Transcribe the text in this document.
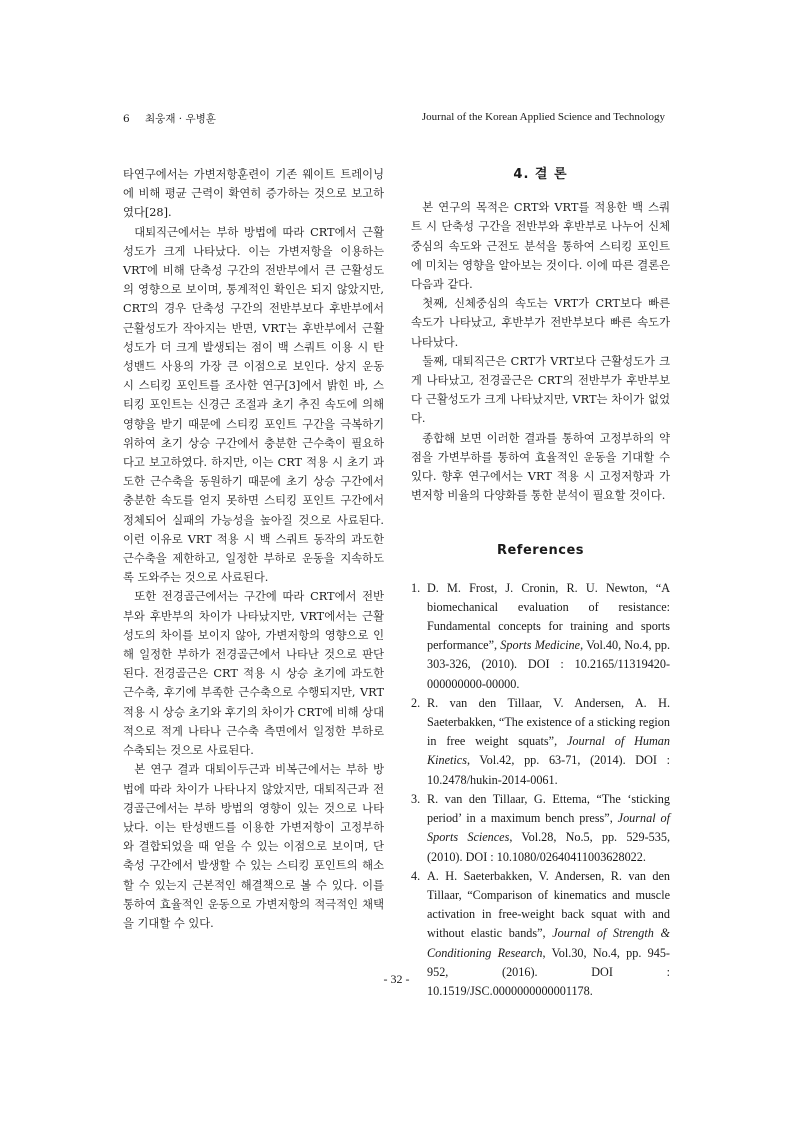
6 최웅재 · 우병훈	Journal of the Korean Applied Science and Technology

타연구에서는 가변저항훈련이 기존 웨이트 트레이닝에 비해 평균 근력이 확연히 증가하는 것으로 보고하였다[28].

대퇴직근에서는 부하 방법에 따라 CRT에서 근활성도가 크게 나타났다. 이는 가변저항을 이용하는 VRT에 비해 단축성 구간의 전반부에서 큰 근활성도의 영향으로 보이며, 통계적인 확인은 되지 않았지만, CRT의 경우 단축성 구간의 전반부보다 후반부에서 근활성도가 작아지는 반면, VRT는 후반부에서 근활성도가 더 크게 발생되는 점이 백 스쿼트 이용 시 탄성밴드 사용의 가장 큰 이점으로 보인다. 상지 운동 시 스티킹 포인트를 조사한 연구[3]에서 밝힌 바, 스티킹 포인트는 신경근 조절과 초기 추진 속도에 의해 영향을 받기 때문에 스티킹 포인트 구간을 극복하기 위하여 초기 상승 구간에서 충분한 근수축이 필요하다고 보고하였다. 하지만, 이는 CRT 적용 시 초기 과도한 근수축을 동원하기 때문에 초기 상승 구간에서 충분한 속도를 얻지 못하면 스티킹 포인트 구간에서 정체되어 실패의 가능성을 높아질 것으로 사료된다. 이런 이유로 VRT 적용 시 백 스쿼트 동작의 과도한 근수축을 제한하고, 일정한 부하로 운동을 지속하도록 도와주는 것으로 사료된다.

또한 전경골근에서는 구간에 따라 CRT에서 전반부와 후반부의 차이가 나타났지만, VRT에서는 근활성도의 차이를 보이지 않아, 가변저항의 영향으로 인해 일정한 부하가 전경골근에서 나타난 것으로 판단된다. 전경골근은 CRT 적용 시 상승 초기에 과도한 근수축, 후기에 부족한 근수축으로 수행되지만, VRT 적용 시 상승 초기와 후기의 차이가 CRT에 비해 상대적으로 적게 나타나 근수축 측면에서 일정한 부하로 수축되는 것으로 사료된다.

본 연구 결과 대퇴이두근과 비복근에서는 부하 방법에 따라 차이가 나타나지 않았지만, 대퇴직근과 전경골근에서는 부하 방법의 영향이 있는 것으로 나타났다. 이는 탄성밴드를 이용한 가변저항이 고정부하와 결합되었을 때 얻을 수 있는 이점으로 보이며, 단축성 구간에서 발생할 수 있는 스티킹 포인트의 해소할 수 있는지 근본적인 해결책으로 볼 수 있다. 이를 통하여 효율적인 운동으로 가변저항의 적극적인 채택을 기대할 수 있다.

4. 결 론

본 연구의 목적은 CRT와 VRT를 적용한 백 스쿼트 시 단축성 구간을 전반부와 후반부로 나누어 신체중심의 속도와 근전도 분석을 통하여 스티킹 포인트에 미치는 영향을 알아보는 것이다. 이에 따른 결론은 다음과 같다.

첫째, 신체중심의 속도는 VRT가 CRT보다 빠른 속도가 나타났고, 후반부가 전반부보다 빠른 속도가 나타났다.

둘째, 대퇴직근은 CRT가 VRT보다 근활성도가 크게 나타났고, 전경골근은 CRT의 전반부가 후반부보다 근활성도가 크게 나타났지만, VRT는 차이가 없었다.

종합해 보면 이러한 결과를 통하여 고정부하의 약점을 가변부하를 통하여 효율적인 운동을 기대할 수 있다. 향후 연구에서는 VRT 적용 시 고정저항과 가변저항 비율의 다양화를 통한 분석이 필요할 것이다.

References
1. D. M. Frost, J. Cronin, R. U. Newton, “A biomechanical evaluation of resistance: Fundamental concepts for training and sports performance”, Sports Medicine, Vol.40, No.4, pp. 303-326, (2010). DOI : 10.2165/11319420-000000000-00000.
2. R. van den Tillaar, V. Andersen, A. H. Saeterbakken, “The existence of a sticking region in free weight squats”, Journal of Human Kinetics, Vol.42, pp. 63-71, (2014). DOI : 10.2478/hukin-2014-0061.
3. R. van den Tillaar, G. Ettema, “The ‘sticking period’ in a maximum bench press”, Journal of Sports Sciences, Vol.28, No.5, pp. 529-535, (2010). DOI : 10.1080/02640411003628022.
4. A. H. Saeterbakken, V. Andersen, R. van den Tillaar, “Comparison of kinematics and muscle activation in free-weight back squat with and without elastic bands”, Journal of Strength & Conditioning Research, Vol.30, No.4, pp. 945-952, (2016). DOI : 10.1519/JSC.0000000000001178.
- 32 -
